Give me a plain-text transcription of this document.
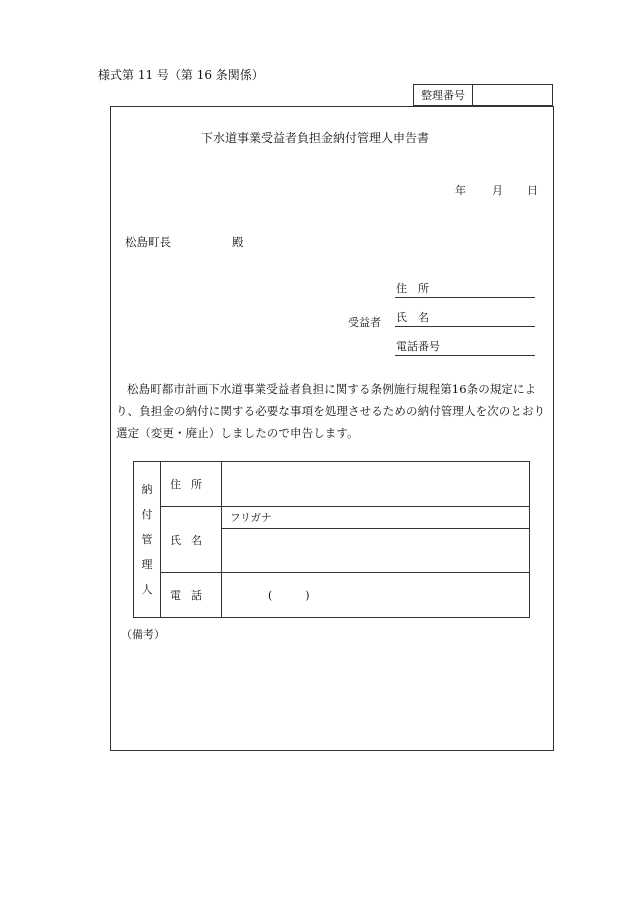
様式第 11 号（第 16 条関係）
整理番号
下水道事業受益者負担金納付管理人申告書
年 月 日
松島町長	殿
住　所
受益者 氏　名
電話番号
松島町都市計画下水道事業受益者負担に関する条例施行規程第16条の規定により、負担金の納付に関する必要な事項を処理させるための納付管理人を次のとおり選定（変更・廃止）しましたので申告します。
納
付
管
理
人	住所	
	氏名	フリガナ

	電話	(　　　)
（備考）
